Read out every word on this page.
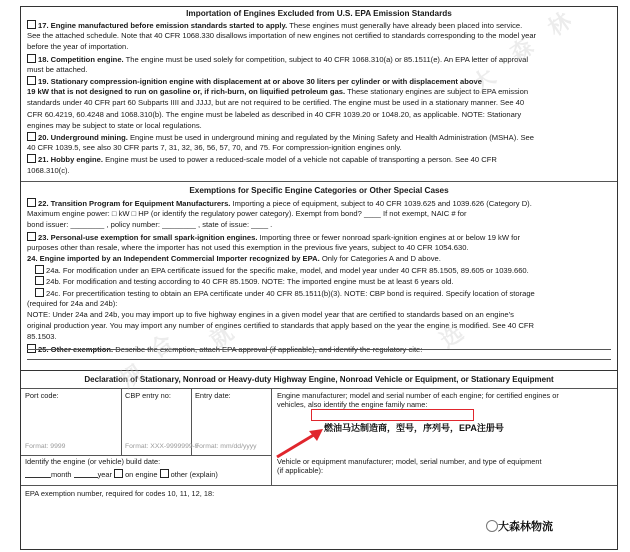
Importation of Engines Excluded from U.S. EPA Emission Standards
17. Engine manufactured before emission standards started to apply. These engines must generally have already been placed into service.
See the attached schedule. Note that 40 CFR 1068.330 disallows importation of new engines not certified to standards corresponding to the model year
before the year of importation.
18. Competition engine. The engine must be used solely for competition, subject to 40 CFR 1068.310(a) or 85.1511(e). An EPA letter of approval
must be attached.
19. Stationary compression-ignition engine with displacement at or above 30 liters per cylinder or with displacement above
19 kW that is not designed to run on gasoline or, if rich-burn, on liquified petroleum gas. These stationary engines are subject to EPA emission
standards under 40 CFR part 60 Subparts IIII and JJJJ, but are not required to be certified. The engine must be used in a stationary manner. See 40
CFR 60.4219, 60.4248 and 1068.310(b). The engine must be labeled as described in 40 CFR 1039.20 or 1048.20, as applicable. NOTE: Stationary
engines may be subject to state or local regulations.
20. Underground mining. Engine must be used in underground mining and regulated by the Mining Safety and Health Administration (MSHA). See
40 CFR 1039.5, see also 30 CFR parts 7, 31, 32, 36, 56, 57, 70, and 75. For compression-ignition engines only.
21. Hobby engine. Engine must be used to power a reduced-scale model of a vehicle not capable of transporting a person. See 40 CFR
1068.310(c).
Exemptions for Specific Engine Categories or Other Special Cases
22. Transition Program for Equipment Manufacturers. Importing a piece of equipment, subject to 40 CFR 1039.625 and 1039.626 (Category D).
Maximum engine power: □ kW □ HP (or identify the regulatory power category). Exempt from bond? ____ If not exempt, NAIC # for
bond issuer: ________ , policy number: ________ , state of issue: ____ .
23. Personal-use exemption for small spark-ignition engines. Importing three or fewer nonroad spark-ignition engines at or below 19 kW for
purposes other than resale, where the importer has not used this exemption in the previous five years, subject to 40 CFR 1054.630.
24. Engine imported by an Independent Commercial Importer recognized by EPA. Only for Categories A and D above.
24a. For modification under an EPA certificate issued for the specific make, model, and model year under 40 CFR 85.1505, 89.605 or 1039.660.
24b. For modification and testing according to 40 CFR 85.1509. NOTE: The imported engine must be at least 6 years old.
24c. For precertification testing to obtain an EPA certificate under 40 CFR 85.1511(b)(3). NOTE: CBP bond is required. Specify location of storage
(required for 24a and 24b):
NOTE: Under 24a and 24b, you may import up to five highway engines in a given model year that are certified to standards based on an engine's
original production year. You may import any number of engines certified to standards that apply based on the year the engine is modified. See 40 CFR
85.1503.
25. Other exemption. Describe the exemption, attach EPA approval (if applicable), and identify the regulatory cite:
Declaration of Stationary, Nonroad or Heavy-duty Highway Engine, Nonroad Vehicle or Equipment, or Stationary Equipment
Port code:
Format: 9999
CBP entry no:
Format: XXX-9999999-9
Entry date:
Format: mm/dd/yyyy
Engine manufacturer; model and serial number of each engine; for certified engines or
vehicles, also identify the engine family name:
燃油马达制造商，型号，序列号，EPA注册号
Identify the engine (or vehicle) build date:
month	year on engine other (explain)
Vehicle or equipment manufacturer; model, serial number, and type of equipment
(if applicable):
EPA exemption number, required for codes 10, 11, 12, 18:
林
森
大
合
规
就	选
大森林物流
